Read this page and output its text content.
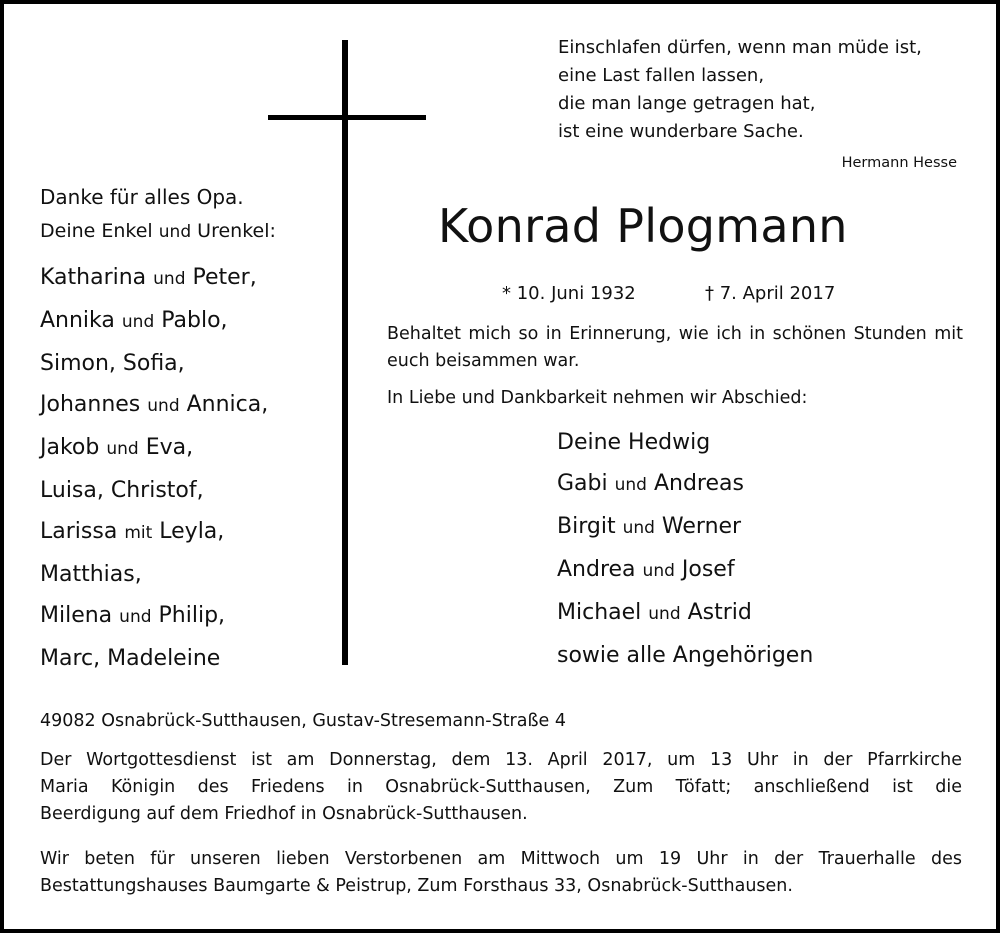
Einschlafen dürfen, wenn man müde ist,
eine Last fallen lassen,
die man lange getragen hat,
ist eine wunderbare Sache.
Hermann Hesse
Danke für alles Opa.
Deine Enkel und Urenkel:
Katharina und Peter,
Annika und Pablo,
Simon, Sofia,
Johannes und Annica,
Jakob und Eva,
Luisa, Christof,
Larissa mit Leyla,
Matthias,
Milena und Philip,
Marc, Madeleine
Konrad Plogmann
* 10. Juni 1932	† 7. April 2017
Behaltet mich so in Erinnerung, wie ich in schönen Stunden mit euch beisammen war.
In Liebe und Dankbarkeit nehmen wir Abschied:
Deine Hedwig
Gabi und Andreas
Birgit und Werner
Andrea und Josef
Michael und Astrid
sowie alle Angehörigen
49082 Osnabrück-Sutthausen, Gustav-Stresemann-Straße 4
Der Wortgottesdienst ist am Donnerstag, dem 13. April 2017, um 13 Uhr in der Pfarrkirche
Maria Königin des Friedens in Osnabrück-Sutthausen, Zum Töfatt; anschließend ist die
Beerdigung auf dem Friedhof in Osnabrück-Sutthausen.
Wir beten für unseren lieben Verstorbenen am Mittwoch um 19 Uhr in der Trauerhalle des
Bestattungshauses Baumgarte & Peistrup, Zum Forsthaus 33, Osnabrück-Sutthausen.
